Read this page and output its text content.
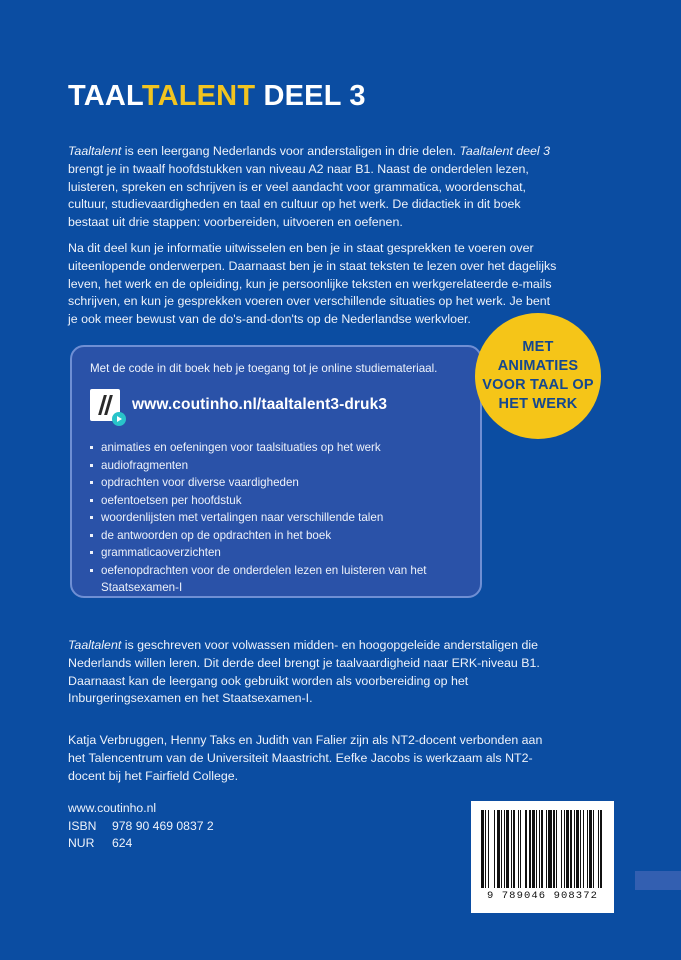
TAALTALENT DEEL 3

Taaltalent is een leergang Nederlands voor anderstaligen in drie delen. Taaltalent deel 3 brengt je in twaalf hoofdstukken van niveau A2 naar B1. Naast de onderdelen lezen, luisteren, spreken en schrijven is er veel aandacht voor grammatica, woordenschat, cultuur, studievaardigheden en taal en cultuur op het werk. De didactiek in dit boek bestaat uit drie stappen: voorbereiden, uitvoeren en oefenen.

Na dit deel kun je informatie uitwisselen en ben je in staat gesprekken te voeren over uiteenlopende onderwerpen. Daarnaast ben je in staat teksten te lezen over het dagelijks leven, het werk en de opleiding, kun je persoonlijke teksten en werkgerelateerde e-mails schrijven, en kun je gesprekken voeren over verschillende situaties op het werk. Je bent je ook meer bewust van de do's-and-don'ts op de Nederlandse werkvloer.

Met de code in dit boek heb je toegang tot je online studiemateriaal.
www.coutinho.nl/taaltalent3-druk3
animaties en oefeningen voor taalsituaties op het werk
audiofragmenten
opdrachten voor diverse vaardigheden
oefentoetsen per hoofdstuk
woordenlijsten met vertalingen naar verschillende talen
de antwoorden op de opdrachten in het boek
grammaticaoverzichten
oefenopdrachten voor de onderdelen lezen en luisteren van het Staatsexamen-I
MET
ANIMATIES
VOOR TAAL OP
HET WERK

Taaltalent is geschreven voor volwassen midden- en hoogopgeleide anderstaligen die Nederlands willen leren. Dit derde deel brengt je taalvaardigheid naar ERK-niveau B1. Daarnaast kan de leergang ook gebruikt worden als voorbereiding op het Inburgeringsexamen en het Staatsexamen-I.

Katja Verbruggen, Henny Taks en Judith van Falier zijn als NT2-docent verbonden aan het Talencentrum van de Universiteit Maastricht. Eefke Jacobs is werkzaam als NT2-docent bij het Fairfield College.

www.coutinho.nl
ISBN	978 90 469 0837 2
NUR	624
9 789046 908372
